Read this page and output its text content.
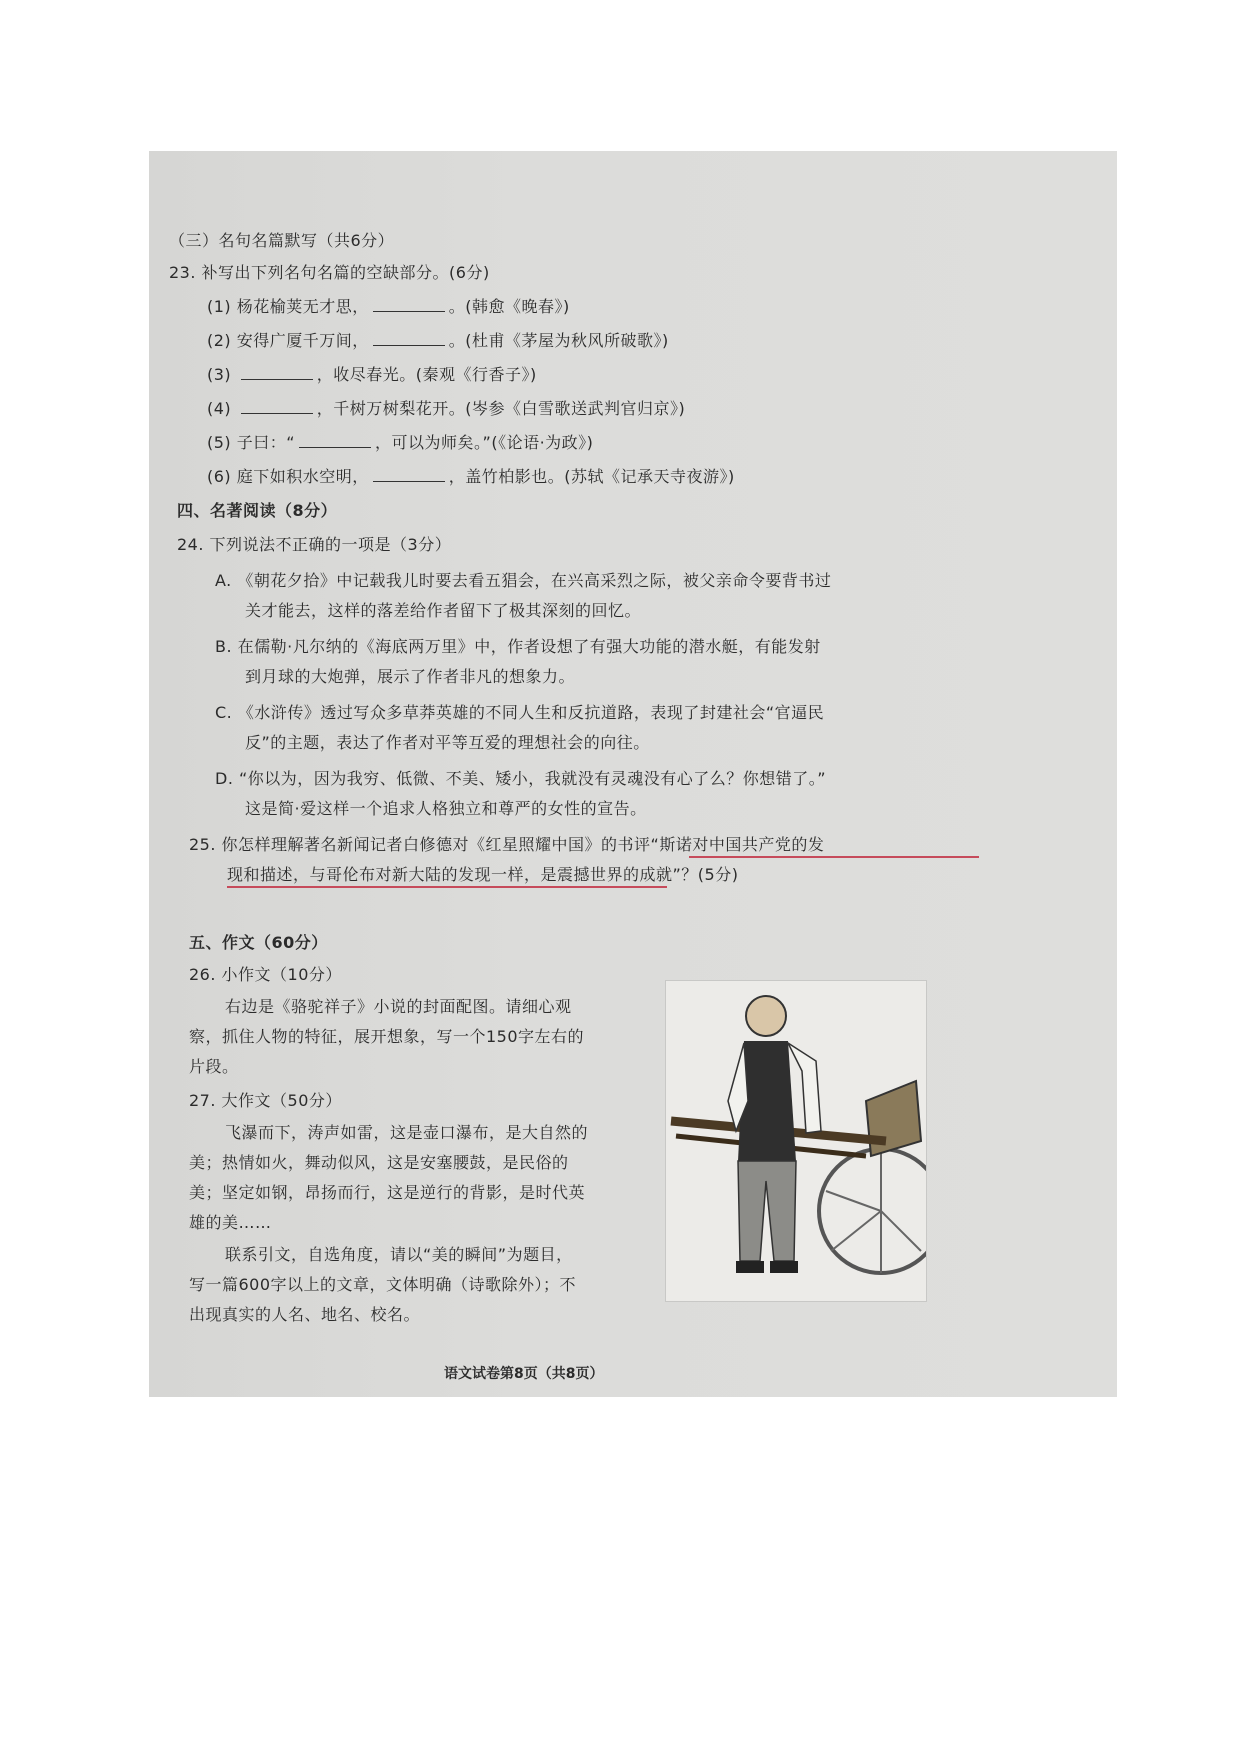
（三）名句名篇默写（共6分）
23. 补写出下列名句名篇的空缺部分。(6分)
(1) 杨花榆荚无才思，	。(韩愈《晚春》)
(2) 安得广厦千万间，	。(杜甫《茅屋为秋风所破歌》)
(3)	，收尽春光。(秦观《行香子》)
(4)	，千树万树梨花开。(岑参《白雪歌送武判官归京》)
(5) 子曰：“	，可以为师矣。”(《论语·为政》)
(6) 庭下如积水空明，	，盖竹柏影也。(苏轼《记承天寺夜游》)
四、名著阅读（8分）
24. 下列说法不正确的一项是（3分）
A. 《朝花夕拾》中记载我儿时要去看五猖会，在兴高采烈之际，被父亲命令要背书过
关才能去，这样的落差给作者留下了极其深刻的回忆。
B. 在儒勒·凡尔纳的《海底两万里》中，作者设想了有强大功能的潜水艇，有能发射
到月球的大炮弹，展示了作者非凡的想象力。
C. 《水浒传》透过写众多草莽英雄的不同人生和反抗道路，表现了封建社会“官逼民
反”的主题，表达了作者对平等互爱的理想社会的向往。
D. “你以为，因为我穷、低微、不美、矮小，我就没有灵魂没有心了么？你想错了。”
这是简·爱这样一个追求人格独立和尊严的女性的宣告。
25. 你怎样理解著名新闻记者白修德对《红星照耀中国》的书评“斯诺对中国共产党的发
现和描述，与哥伦布对新大陆的发现一样，是震撼世界的成就”？(5分)
五、作文（60分）
26. 小作文（10分）
右边是《骆驼祥子》小说的封面配图。请细心观
察，抓住人物的特征，展开想象，写一个150字左右的
片段。
27. 大作文（50分）
飞瀑而下，涛声如雷，这是壶口瀑布，是大自然的
美；热情如火，舞动似风，这是安塞腰鼓，是民俗的
美；坚定如钢，昂扬而行，这是逆行的背影，是时代英
雄的美……
联系引文，自选角度，请以“美的瞬间”为题目，
写一篇600字以上的文章，文体明确（诗歌除外）；不
出现真实的人名、地名、校名。
语文试卷第8页（共8页）
